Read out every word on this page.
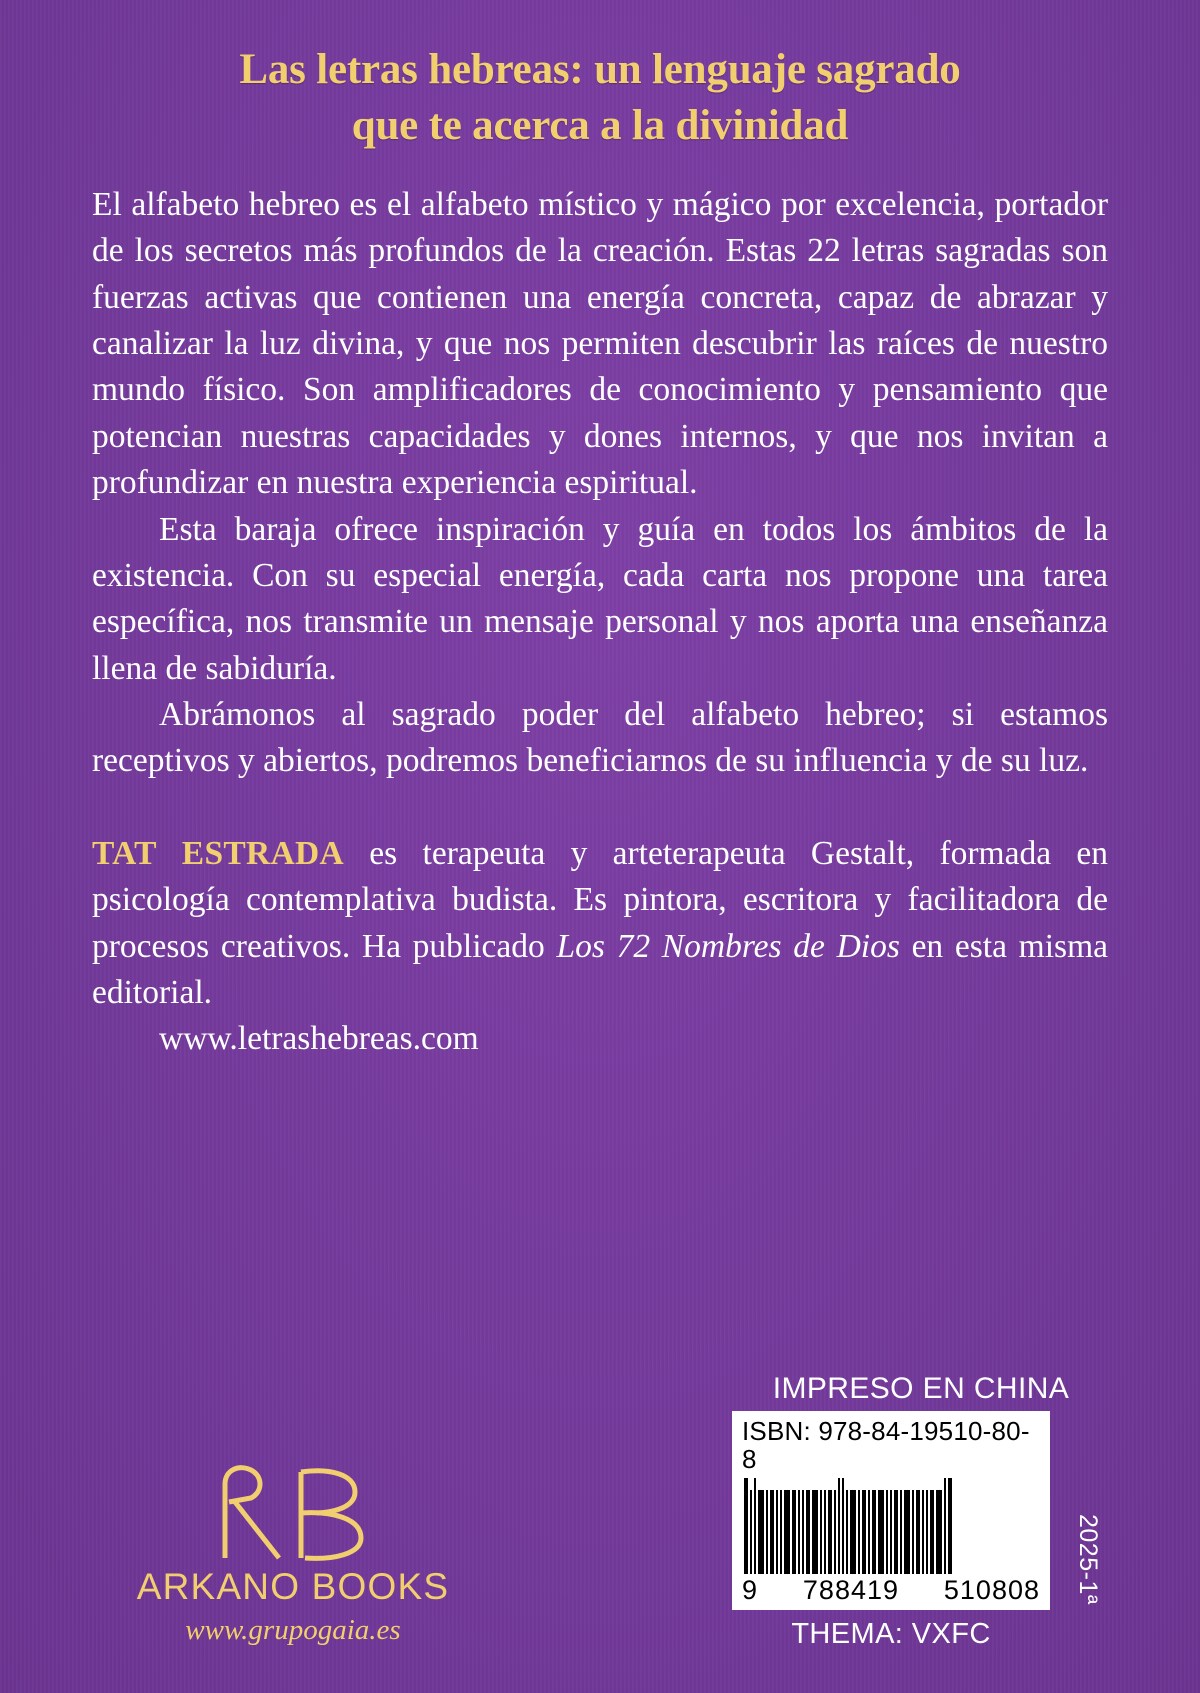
Las letras hebreas: un lenguaje sagrado
que te acerca a la divinidad

El alfabeto hebreo es el alfabeto místico y mágico por excelencia, portador de los secretos más profundos de la creación. Estas 22 letras sagradas son fuerzas activas que contienen una energía concreta, capaz de abrazar y canalizar la luz divina, y que nos permiten descubrir las raíces de nuestro mundo físico. Son amplificadores de conocimiento y pensamiento que potencian nuestras capacidades y dones internos, y que nos invitan a profundizar en nuestra experiencia espiritual.

Esta baraja ofrece inspiración y guía en todos los ámbitos de la existencia. Con su especial energía, cada carta nos propone una tarea específica, nos transmite un mensaje personal y nos aporta una enseñanza llena de sabiduría.

Abrámonos al sagrado poder del alfabeto hebreo; si estamos receptivos y abiertos, podremos beneficiarnos de su influencia y de su luz.

TAT ESTRADA es terapeuta y arteterapeuta Gestalt, formada en psicología contemplativa budista. Es pintora, escritora y facilitadora de procesos creativos. Ha publicado Los 72 Nombres de Dios en esta misma editorial.
www.letrashebreas.com
ARKANO BOOKS
www.grupogaia.es
IMPRESO EN CHINA
ISBN: 978-84-19510-80-8
9 788419 510808 2025-1ª
THEMA: VXFC
